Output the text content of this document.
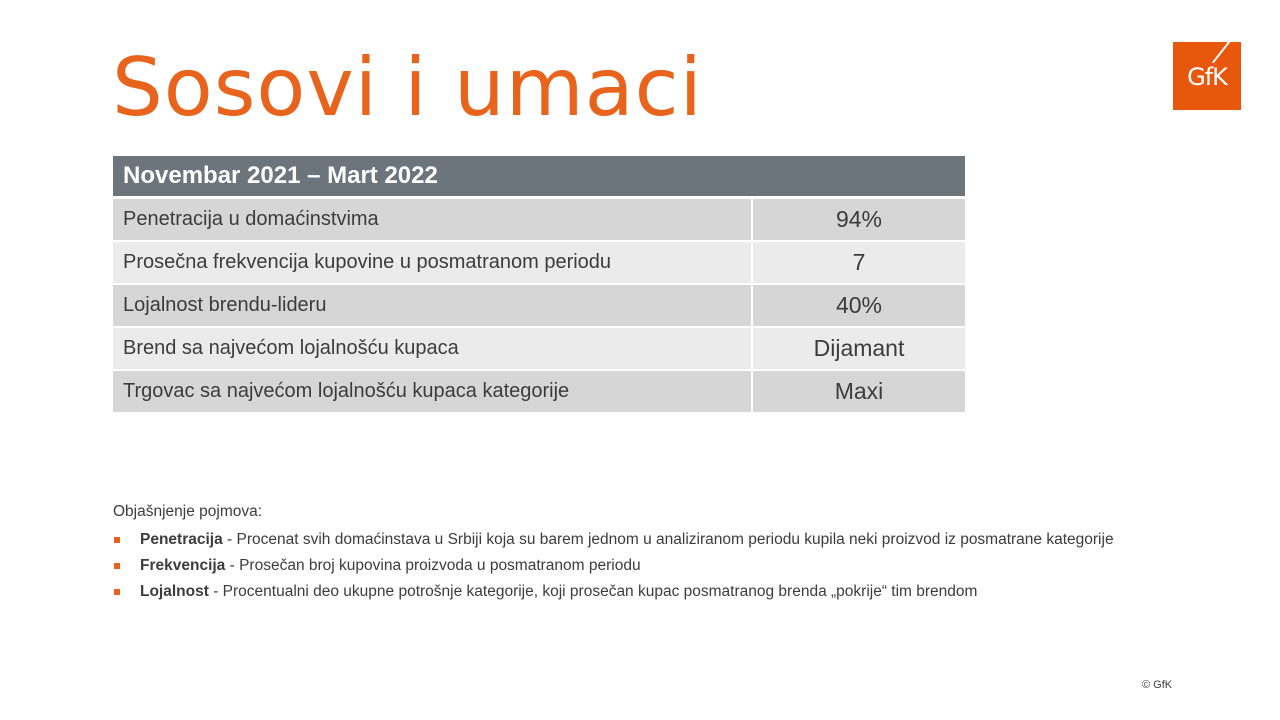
Sosovi i umaci	GfK
Novembar 2021 – Mart 2022	
Penetracija u domaćinstvima	94%
Prosečna frekvencija kupovine u posmatranom periodu	7
Lojalnost brendu-lideru	40%
Brend sa najvećom lojalnošću kupaca	Dijamant
Trgovac sa najvećom lojalnošću kupaca kategorije	Maxi

Objašnjenje pojmova:

Penetracija - Procenat svih domaćinstava u Srbiji koja su barem jednom u analiziranom periodu kupila neki proizvod iz posmatrane kategorije
Frekvencija - Prosečan broj kupovina proizvoda u posmatranom periodu
Lojalnost - Procentualni deo ukupne potrošnje kategorije, koji prosečan kupac posmatranog brenda „pokrije“ tim brendom
© GfK
